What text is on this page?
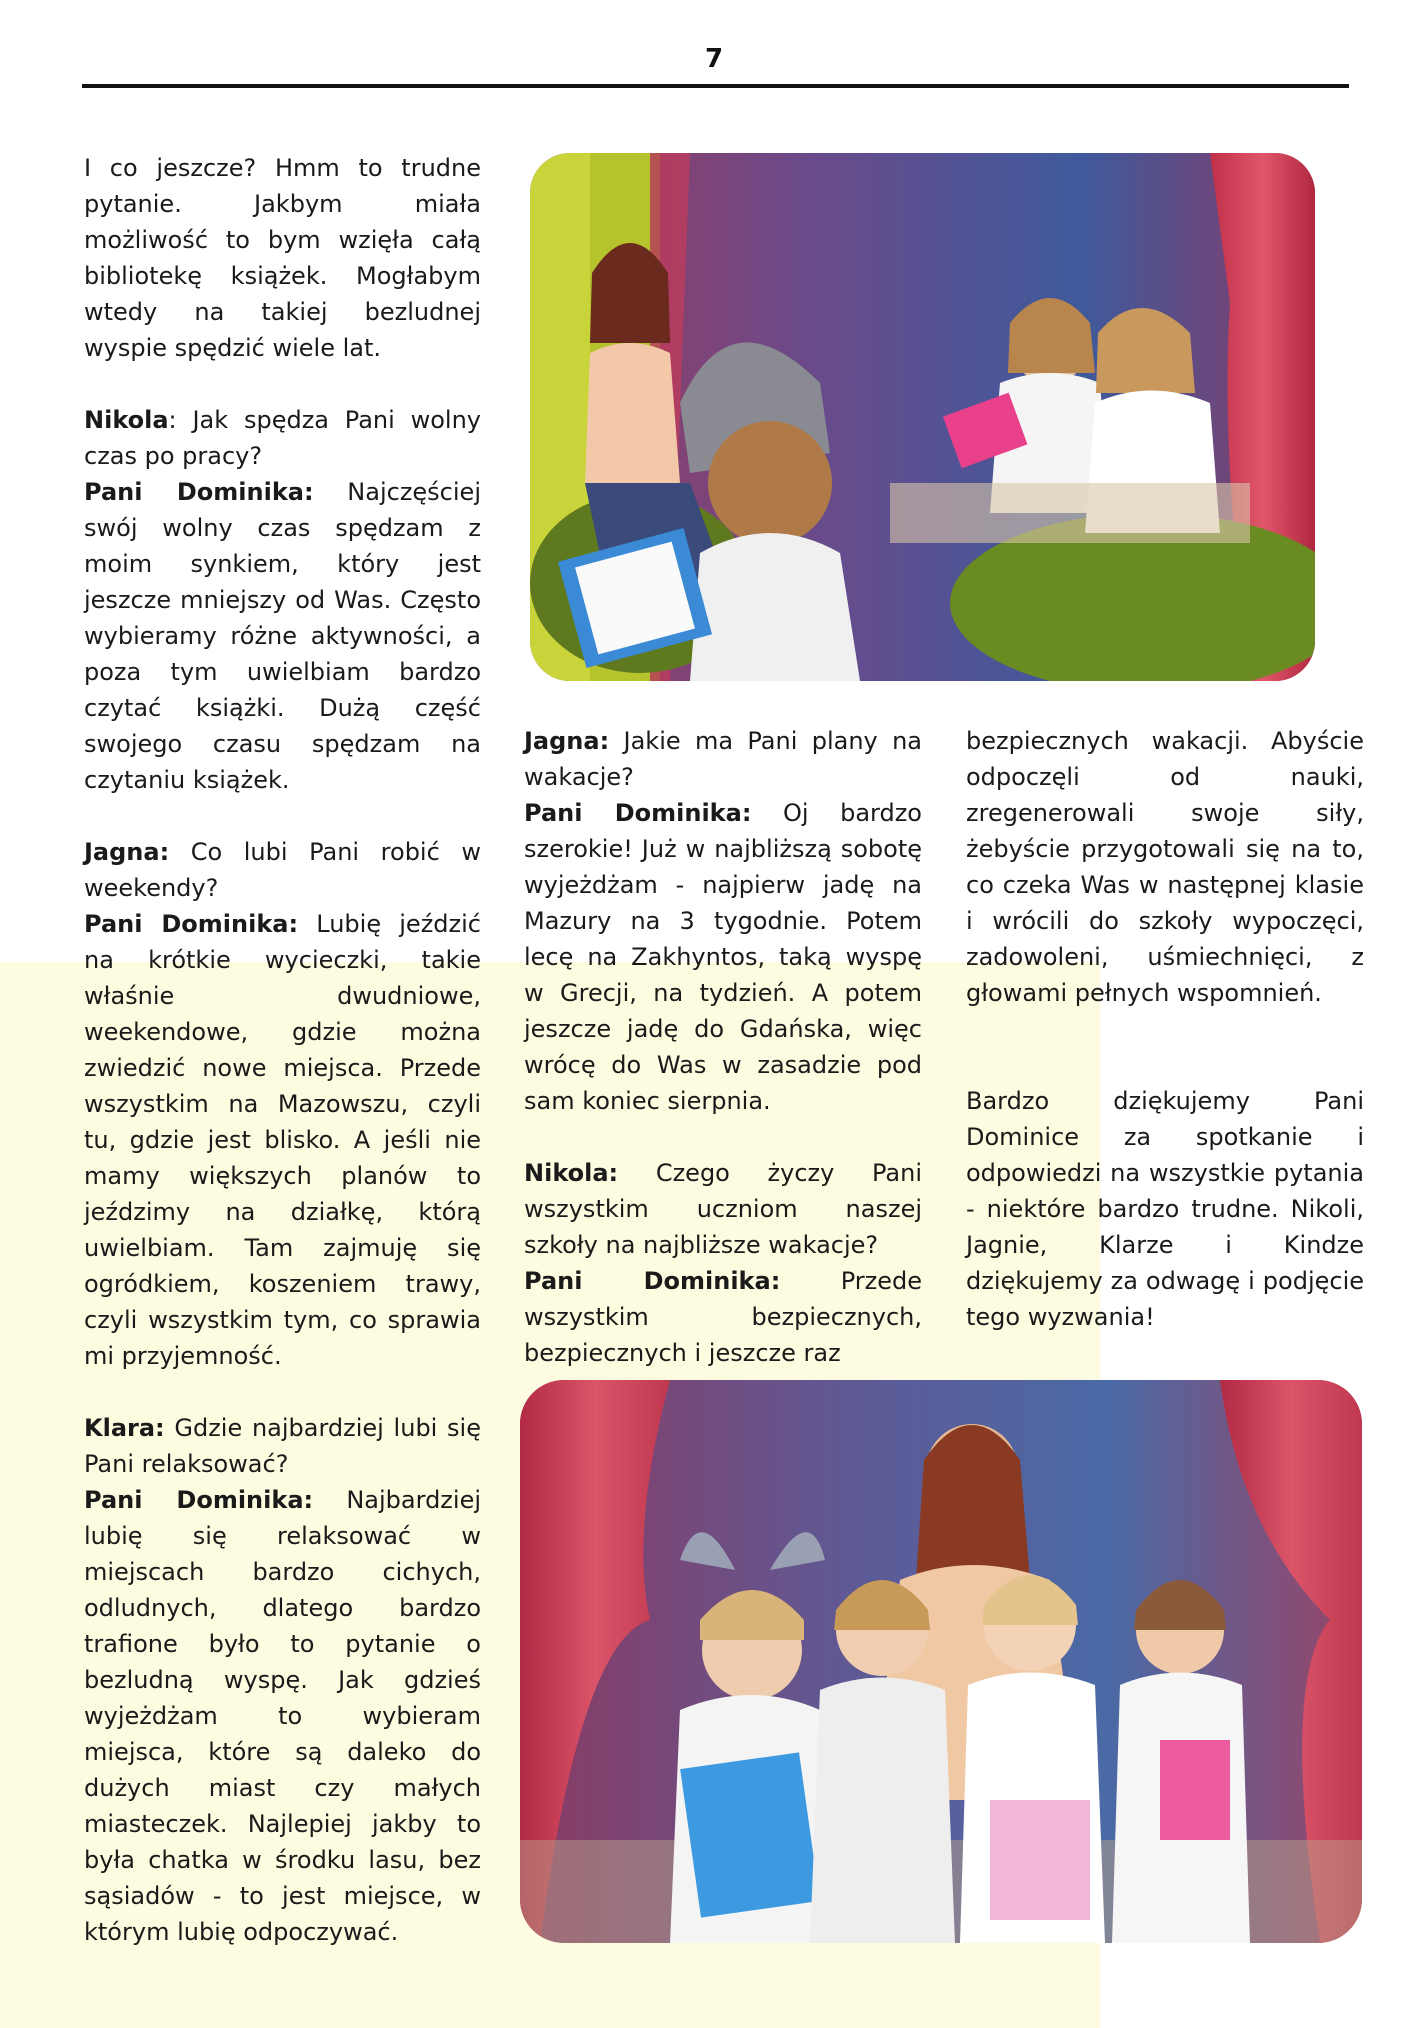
7

I co jeszcze? Hmm to trudne pytanie. Jakbym miała możliwość to bym wzięła całą bibliotekę książek. Mogłabym wtedy na takiej bezludnej wyspie spędzić wiele lat.

Nikola: Jak spędza Pani wolny czas po pracy?

Pani Dominika: Najczęściej swój wolny czas spędzam z moim synkiem, który jest jeszcze mniejszy od Was. Często wybieramy różne aktywności, a poza tym uwielbiam bardzo czytać książki. Dużą część swojego czasu spędzam na czytaniu książek.

Jagna: Co lubi Pani robić w weekendy?

Pani Dominika: Lubię jeździć na krótkie wycieczki, takie właśnie dwudniowe, weekendowe, gdzie można zwiedzić nowe miejsca. Przede wszystkim na Mazowszu, czyli tu, gdzie jest blisko. A jeśli nie mamy większych planów to jeździmy na działkę, którą uwielbiam. Tam zajmuję się ogródkiem, koszeniem trawy, czyli wszystkim tym, co sprawia mi przyjemność.

Klara: Gdzie najbardziej lubi się Pani relaksować?

Pani Dominika: Najbardziej lubię się relaksować w miejscach bardzo cichych, odludnych, dlatego bardzo trafione było to pytanie o bezludną wyspę. Jak gdzieś wyjeżdżam to wybieram miejsca, które są daleko do dużych miast czy małych miasteczek. Najlepiej jakby to była chatka w środku lasu, bez sąsiadów - to jest miejsce, w którym lubię odpoczywać.

Jagna: Jakie ma Pani plany na wakacje?

Pani Dominika: Oj bardzo szerokie! Już w najbliższą sobotę wyjeżdżam - najpierw jadę na Mazury na 3 tygodnie. Potem lecę na Zakhyntos, taką wyspę w Grecji, na tydzień. A potem jeszcze jadę do Gdańska, więc wrócę do Was w zasadzie pod sam koniec sierpnia.

Nikola: Czego życzy Pani wszystkim uczniom naszej szkoły na najbliższe wakacje?

Pani Dominika: Przede wszystkim bezpiecznych, bezpiecznych i jeszcze raz

bezpiecznych wakacji. Abyście odpoczęli od nauki, zregenerowali swoje siły, żebyście przygotowali się na to, co czeka Was w następnej klasie i wrócili do szkoły wypoczęci, zadowoleni, uśmiechnięci, z głowami pełnych wspomnień.

Bardzo dziękujemy Pani Dominice za spotkanie i odpowiedzi na wszystkie pytania - niektóre bardzo trudne. Nikoli, Jagnie, Klarze i Kindze dziękujemy za odwagę i podjęcie tego wyzwania!
